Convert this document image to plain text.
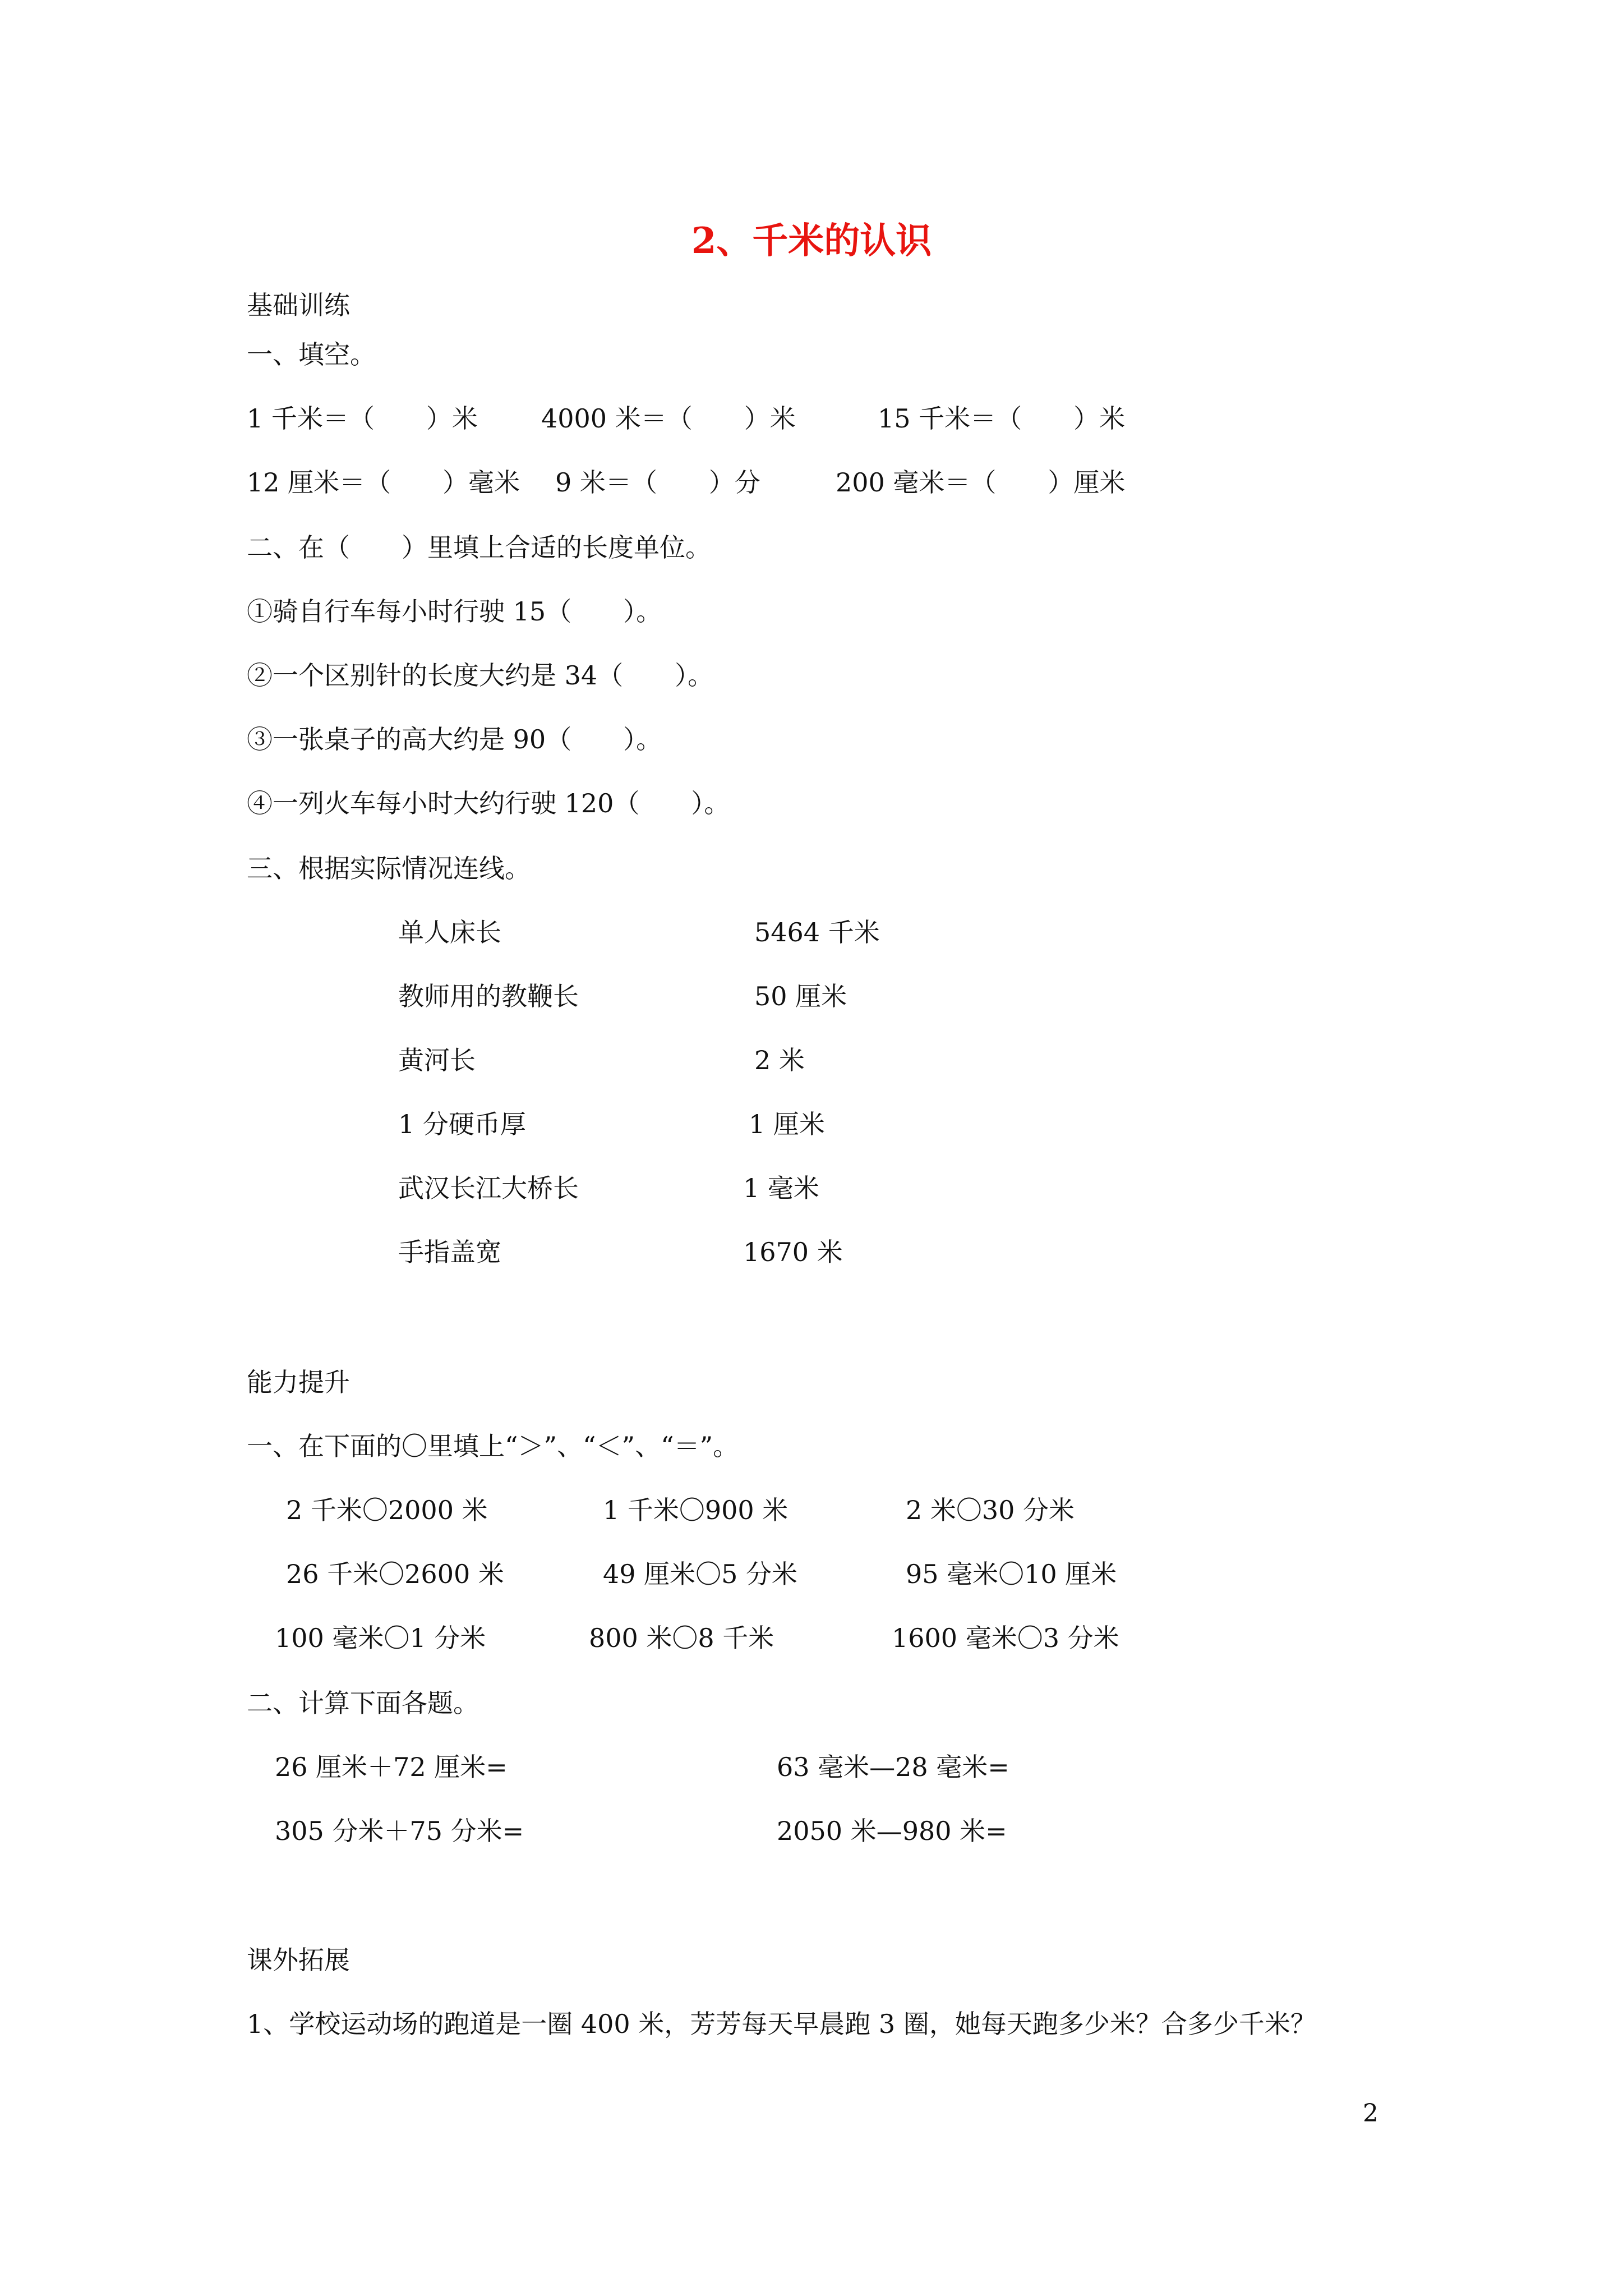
2、千米的认识
基础训练
一、填空。
1 千米＝（　　）米 4000 米＝（　　）米	15 千米＝（　　）米
12 厘米＝（　　）毫米 9 米＝（　　）分	200 毫米＝（　　）厘米
二、在（　　）里填上合适的长度单位。
①骑自行车每小时行驶 15（　　）。
②一个区别针的长度大约是 34（　　）。
③一张桌子的高大约是 90（　　）。
④一列火车每小时大约行驶 120（　　）。
三、根据实际情况连线。
单人床长	5464 千米
教师用的教鞭长	50 厘米
黄河长	2 米
1 分硬币厚	1 厘米
武汉长江大桥长	1 毫米
手指盖宽	1670 米
能力提升
一、在下面的〇里填上“＞”、“＜”、“＝”。
2 千米〇2000 米	1 千米〇900 米	2 米〇30 分米
26 千米〇2600 米	49 厘米〇5 分米	95 毫米〇10 厘米
100 毫米〇1 分米	800 米〇8 千米	1600 毫米〇3 分米
二、计算下面各题。
26 厘米＋72 厘米=	63 毫米—28 毫米=
305 分米＋75 分米=	2050 米—980 米=
课外拓展
1、学校运动场的跑道是一圈 400 米，芳芳每天早晨跑 3 圈，她每天跑多少米？合多少千米？
2
